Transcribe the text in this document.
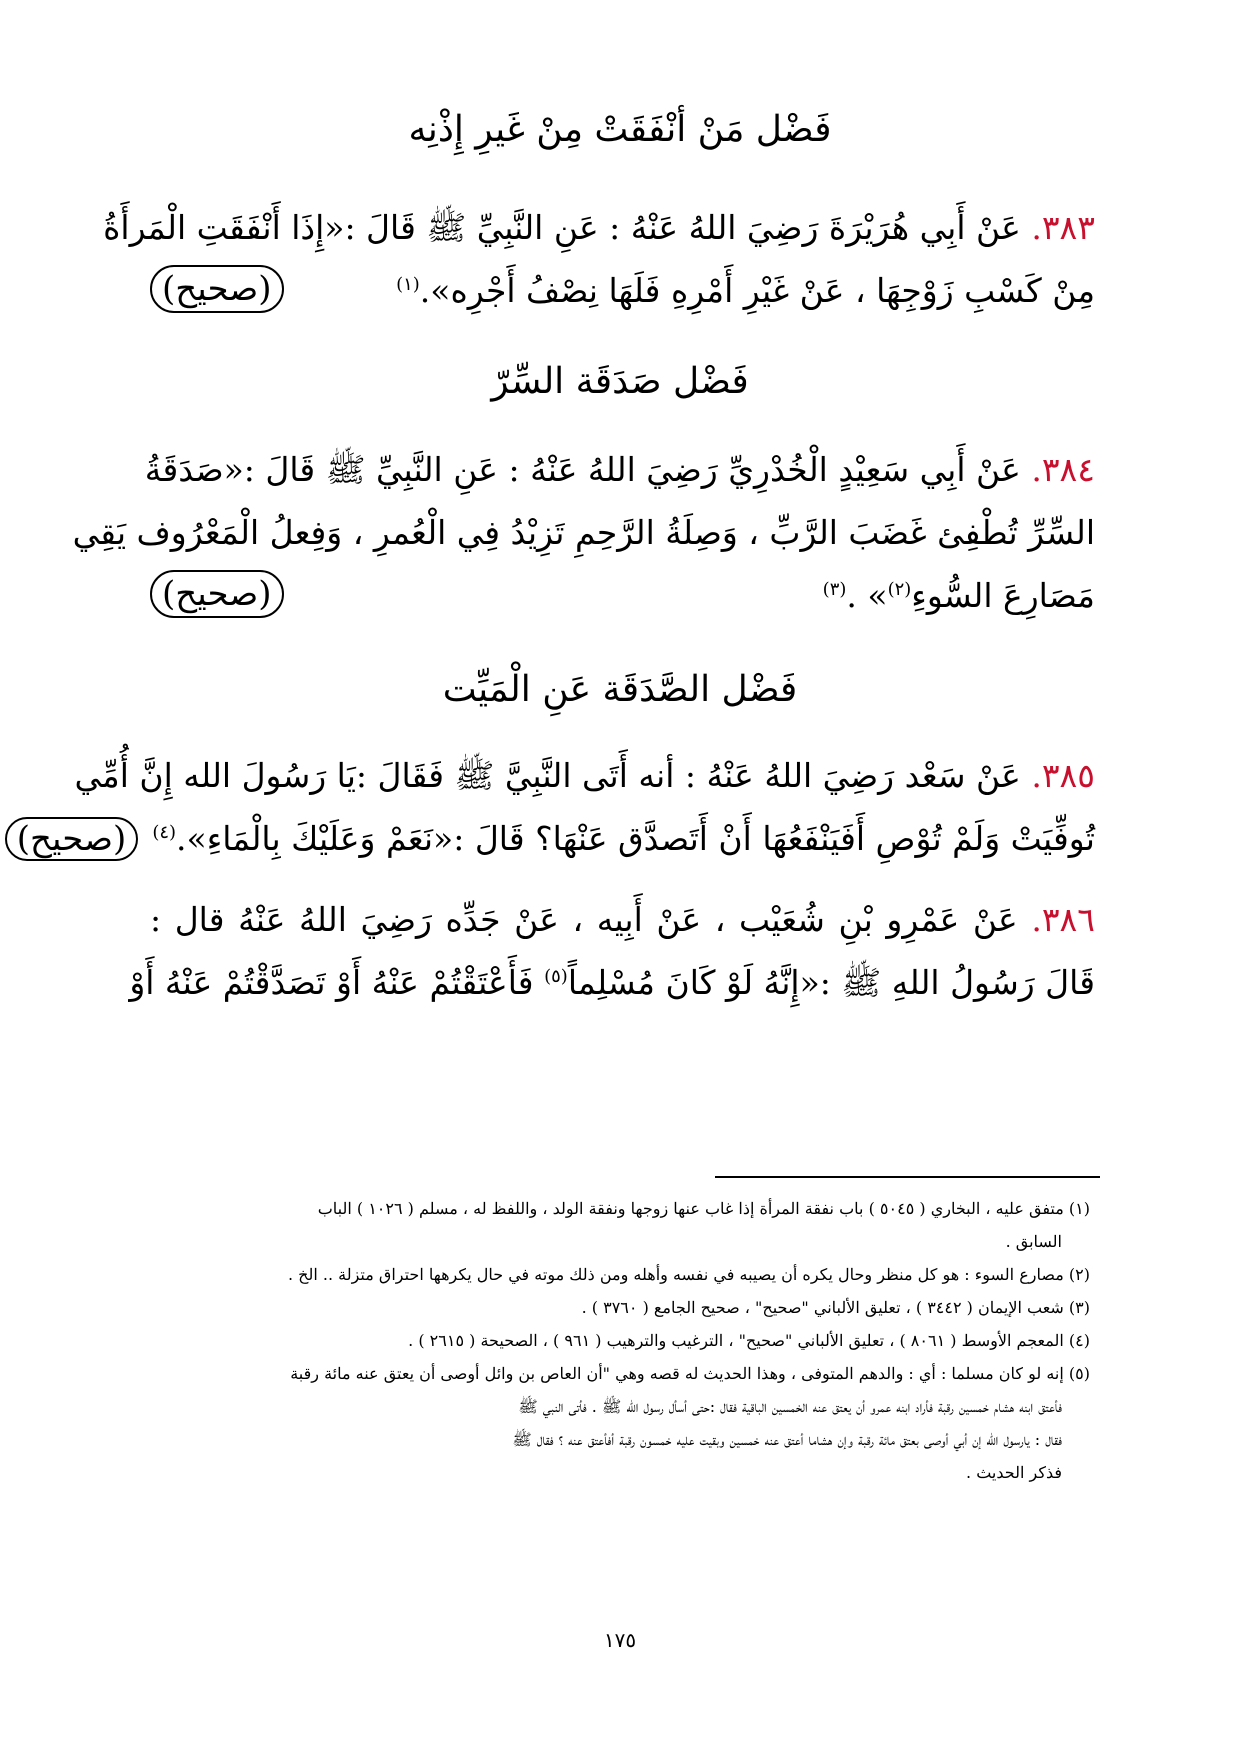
فَضْل مَنْ أنْفَقَتْ مِنْ غَيرِ إِذْنِه
٣٨٣. عَنْ أَبِي هُرَيْرَةَ رَضِيَ اللهُ عَنْهُ : عَنِ النَّبِيِّ ﷺ قَالَ :«إِذَا أَنْفَقَتِ الْمَرأَةُ
مِنْ كَسْبِ زَوْجِهَا ، عَنْ غَيْرِ أَمْرِهِ فَلَهَا نِصْفُ أَجْرِه».$^{(١)}$
(صحيح)
فَضْل صَدَقَة السِّرّ
٣٨٤. عَنْ أَبِي سَعِيْدٍ الْخُدْرِيِّ رَضِيَ اللهُ عَنْهُ : عَنِ النَّبِيِّ ﷺ قَالَ :«صَدَقَةُ
السِّرِّ تُطْفِئ غَضَبَ الرَّبِّ ، وَصِلَةُ الرَّحِمِ تَزِيْدُ فِي الْعُمرِ ، وَفِعلُ الْمَعْرُوف يَقِي
مَصَارِعَ السُّوءِ$^{(٢)}$» .$^{(٣)}$
(صحيح)
فَضْل الصَّدَقَة عَنِ الْمَيِّت
٣٨٥. عَنْ سَعْد رَضِيَ اللهُ عَنْهُ : أنه أَتَى النَّبِيَّ ﷺ فَقَالَ :يَا رَسُولَ الله إِنَّ أُمِّي
تُوفِّيَتْ وَلَمْ تُوْصِ أَفَيَنْفَعُهَا أَنْ أَتَصدَّق عَنْهَا؟ قَالَ :«نَعَمْ وَعَلَيْكَ بِالْمَاءِ».$^{(٤)}$(صحيح)
٣٨٦. عَنْ عَمْرِو بْنِ شُعَيْب ، عَنْ أَبِيه ، عَنْ جَدِّه رَضِيَ اللهُ عَنْهُ قال :
قَالَ رَسُولُ اللهِ ﷺ :«إِنَّهُ لَوْ كَانَ مُسْلِماً$^{(٥)}$ فَأَعْتَقْتُمْ عَنْهُ أَوْ تَصَدَّقْتُمْ عَنْهُ أَوْ
(١) متفق عليه ، البخاري ( ٥٠٤٥ ) باب نفقة المرأة إذا غاب عنها زوجها ونفقة الولد ، واللفظ له ، مسلم ( ١٠٢٦ ) الباب
السابق .
(٢) مصارع السوء : هو كل منظر وحال يكره أن يصيبه في نفسه وأهله ومن ذلك موته في حال يكرهها احتراق متزلة .. الخ .
(٣) شعب الإيمان ( ٣٤٤٢ ) ، تعليق الألباني "صحيح" ، صحيح الجامع ( ٣٧٦٠ ) .
(٤) المعجم الأوسط ( ٨٠٦١ ) ، تعليق الألباني "صحيح" ، الترغيب والترهيب ( ٩٦١ ) ، الصحيحة ( ٢٦١٥ ) .
(٥) إنه لو كان مسلما : أي : والدهم المتوفى ، وهذا الحديث له قصه وهي "أن العاص بن وائل أوصى أن يعتق عنه مائة رقبة
فأعتق ابنه هشام خمسين رقبة فأراد ابنه عمرو أن يعتق عنه الخمسين الباقية فقال :حتى أسأل رسول الله ﷺ . فأتى النبي ﷺ
فقال : يارسول الله إن أبي أوصى بعتق مائة رقبة وإن هشاما أعتق عنه خمسين وبقيت عليه خمسون رقبة أفأعتق عنه ؟ فقال ﷺ
فذكر الحديث .
١٧٥
